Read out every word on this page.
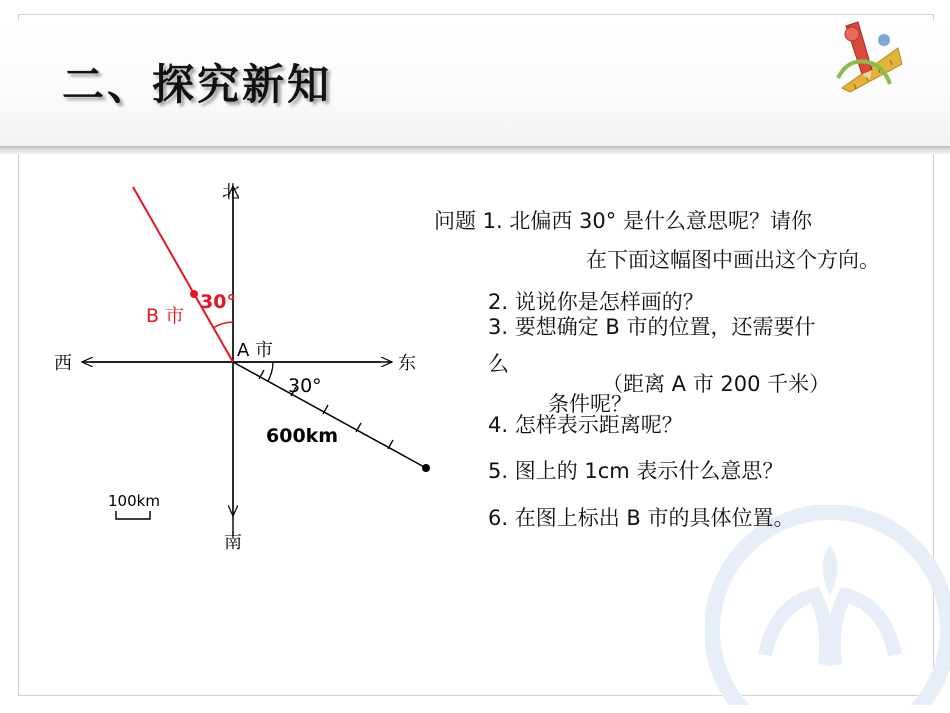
二、探究新知
北
南
西	东
A 市
B 市
30°
30°
600km
100km

问题 1. 北偏西 30° 是什么意思呢？请你

在下面这幅图中画出这个方向。

2. 说说你是怎样画的？

3. 要想确定 B 市的位置，还需要什

么

（距离 A 市 200 千米）

条件呢？

4. 怎样表示距离呢？

5. 图上的 1cm 表示什么意思？

6. 在图上标出 B 市的具体位置。
